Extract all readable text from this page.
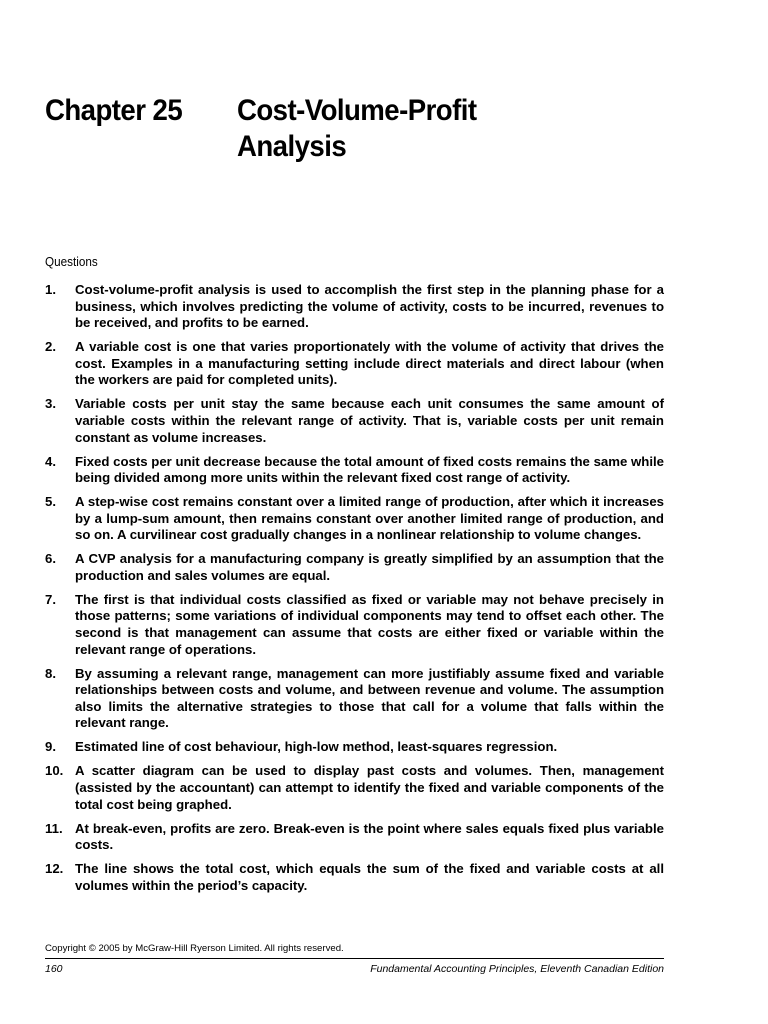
Chapter 25 Cost-Volume-Profit Analysis
Questions
1. Cost-volume-profit analysis is used to accomplish the first step in the planning phase for a business, which involves predicting the volume of activity, costs to be incurred, revenues to be received, and profits to be earned.
2. A variable cost is one that varies proportionately with the volume of activity that drives the cost. Examples in a manufacturing setting include direct materials and direct labour (when the workers are paid for completed units).
3. Variable costs per unit stay the same because each unit consumes the same amount of variable costs within the relevant range of activity. That is, variable costs per unit remain constant as volume increases.
4. Fixed costs per unit decrease because the total amount of fixed costs remains the same while being divided among more units within the relevant fixed cost range of activity.
5. A step-wise cost remains constant over a limited range of production, after which it increases by a lump-sum amount, then remains constant over another limited range of production, and so on. A curvilinear cost gradually changes in a nonlinear relationship to volume changes.
6. A CVP analysis for a manufacturing company is greatly simplified by an assumption that the production and sales volumes are equal.
7. The first is that individual costs classified as fixed or variable may not behave precisely in those patterns; some variations of individual components may tend to offset each other. The second is that management can assume that costs are either fixed or variable within the relevant range of operations.
8. By assuming a relevant range, management can more justifiably assume fixed and variable relationships between costs and volume, and between revenue and volume. The assumption also limits the alternative strategies to those that call for a volume that falls within the relevant range.
9. Estimated line of cost behaviour, high-low method, least-squares regression.
10. A scatter diagram can be used to display past costs and volumes. Then, management (assisted by the accountant) can attempt to identify the fixed and variable components of the total cost being graphed.
11. At break-even, profits are zero. Break-even is the point where sales equals fixed plus variable costs.
12. The line shows the total cost, which equals the sum of the fixed and variable costs at all volumes within the period’s capacity.
Copyright © 2005 by McGraw-Hill Ryerson Limited. All rights reserved.
160	Fundamental Accounting Principles, Eleventh Canadian Edition
